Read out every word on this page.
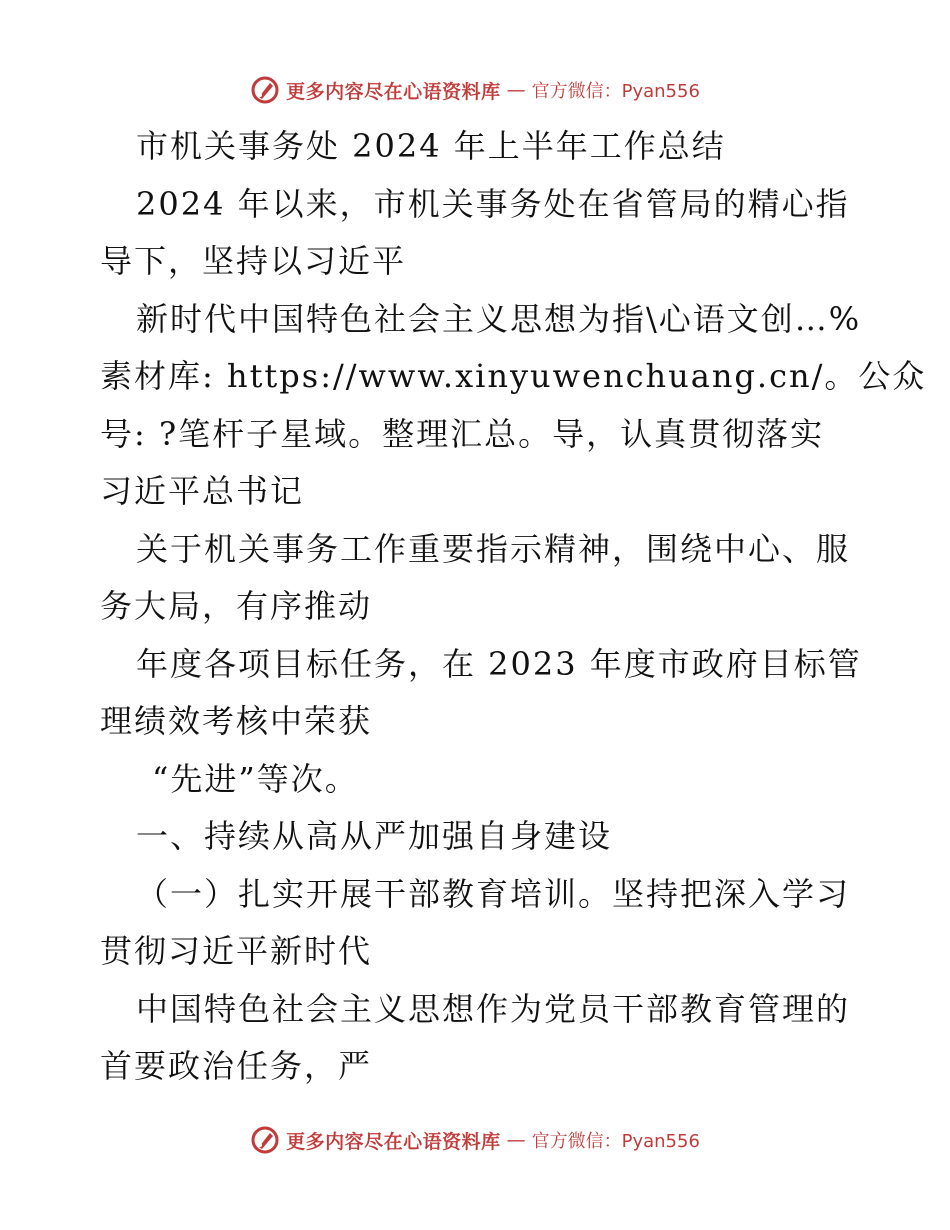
更多内容尽在心语资料库 — 官方微信：Pyan556
市机关事务处 2024 年上半年工作总结
2024 年以来，市机关事务处在省管局的精心指
导下，坚持以习近平
新时代中国特色社会主义思想为指\心语文创…%
素材库: https://www.xinyuwenchuang.cn/。公众
号: ?笔杆子星域。整理汇总。导，认真贯彻落实
习近平总书记
关于机关事务工作重要指示精神，围绕中心、服
务大局，有序推动
年度各项目标任务，在 2023 年度市政府目标管
理绩效考核中荣获
“先进”等次。
一、持续从高从严加强自身建设
（一）扎实开展干部教育培训。坚持把深入学习
贯彻习近平新时代
中国特色社会主义思想作为党员干部教育管理的
首要政治任务，严
更多内容尽在心语资料库 — 官方微信：Pyan556
